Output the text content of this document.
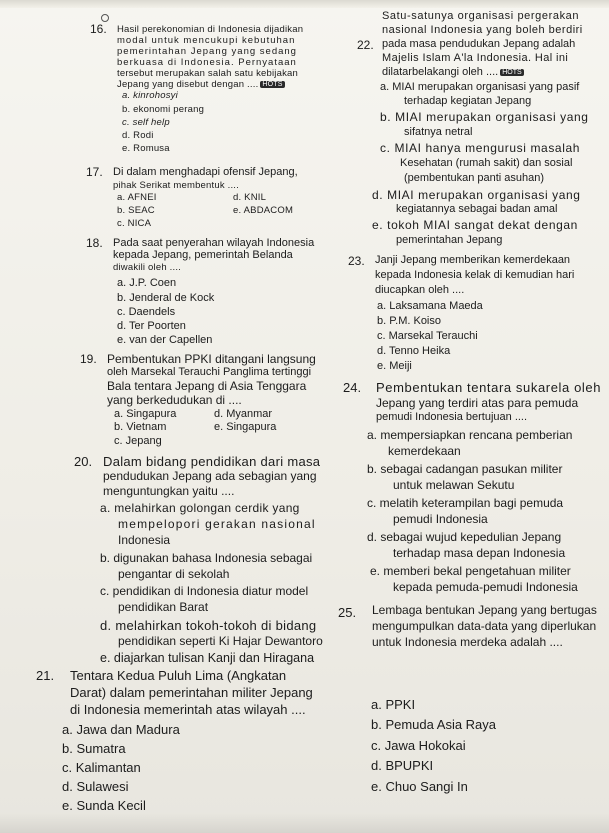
16. Hasil perekonomian di Indonesia dijadikan
modal untuk mencukupi kebutuhan
pemerintahan Jepang yang sedang
berkuasa di Indonesia. Pernyataan
tersebut merupakan salah satu kebijakan
Jepang yang disebut dengan .... HOTS
a. kinrohosyi
b. ekonomi perang
c. self help
d. Rodi
e. Romusa
17. Di dalam menghadapi ofensif Jepang,
pihak Serikat membentuk ....
a. AFNEI	d. KNIL
b. SEAC	e. ABDACOM
c. NICA
18. Pada saat penyerahan wilayah Indonesia
kepada Jepang, pemerintah Belanda
diwakili oleh ....
a. J.P. Coen
b. Jenderal de Kock
c. Daendels
d. Ter Poorten
e. van der Capellen
19. Pembentukan PPKI ditangani langsung
oleh Marsekal Terauchi Panglima tertinggi
Bala tentara Jepang di Asia Tenggara
yang berkedudukan di ....
a. Singapura	d. Myanmar
b. Vietnam	e. Singapura
c. Jepang
20. Dalam bidang pendidikan dari masa
pendudukan Jepang ada sebagian yang
menguntungkan yaitu ....
a. melahirkan golongan cerdik yang
mempelopori gerakan nasional
Indonesia
b. digunakan bahasa Indonesia sebagai
pengantar di sekolah
c. pendidikan di Indonesia diatur model
pendidikan Barat
d. melahirkan tokoh-tokoh di bidang
pendidikan seperti Ki Hajar Dewantoro
e. diajarkan tulisan Kanji dan Hiragana
21. Tentara Kedua Puluh Lima (Angkatan
Darat) dalam pemerintahan militer Jepang
di Indonesia memerintah atas wilayah ....
a. Jawa dan Madura
b. Sumatra
c. Kalimantan
d. Sulawesi
e. Sunda Kecil
22.
Satu-satunya organisasi pergerakan
nasional Indonesia yang boleh berdiri
pada masa pendudukan Jepang adalah
Majelis Islam A'la Indonesia. Hal ini
dilatarbelakangi oleh .... HOTS
a. MIAI merupakan organisasi yang pasif
terhadap kegiatan Jepang
b. MIAI merupakan organisasi yang
sifatnya netral
c. MIAI hanya mengurusi masalah
Kesehatan (rumah sakit) dan sosial
(pembentukan panti asuhan)
d. MIAI merupakan organisasi yang
kegiatannya sebagai badan amal
e. tokoh MIAI sangat dekat dengan
pemerintahan Jepang
23. Janji Jepang memberikan kemerdekaan
kepada Indonesia kelak di kemudian hari
diucapkan oleh ....
a. Laksamana Maeda
b. P.M. Koiso
c. Marsekal Terauchi
d. Tenno Heika
e. Meiji
24. Pembentukan tentara sukarela oleh
Jepang yang terdiri atas para pemuda
pemudi Indonesia bertujuan ....
a. mempersiapkan rencana pemberian
kemerdekaan
b. sebagai cadangan pasukan militer
untuk melawan Sekutu
c. melatih keterampilan bagi pemuda
pemudi Indonesia
d. sebagai wujud kepedulian Jepang
terhadap masa depan Indonesia
e. memberi bekal pengetahuan militer
kepada pemuda-pemudi Indonesia
25. Lembaga bentukan Jepang yang bertugas
mengumpulkan data-data yang diperlukan
untuk Indonesia merdeka adalah ....
a. PPKI
b. Pemuda Asia Raya
c. Jawa Hokokai
d. BPUPKI
e. Chuo Sangi In
